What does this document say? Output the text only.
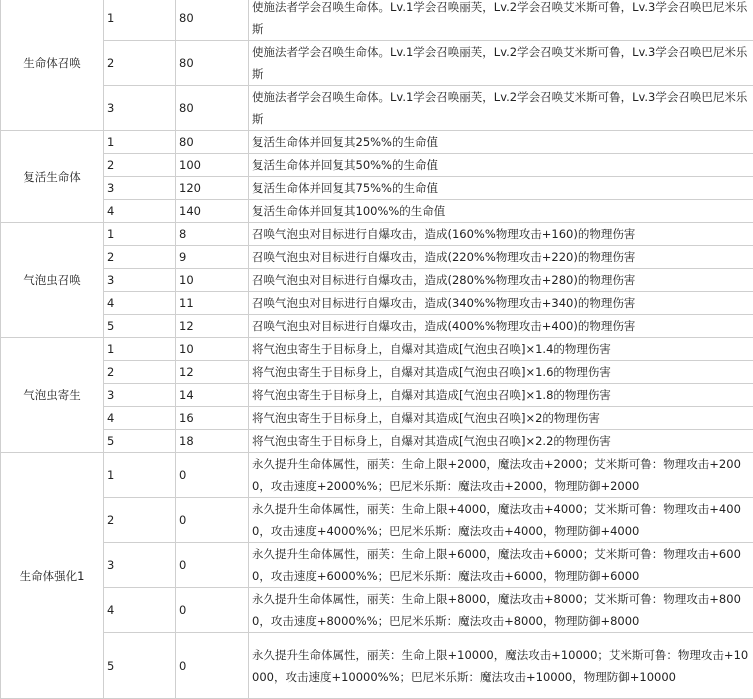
生命体召唤	1	80	使施法者学会召唤生命体。Lv.1学会召唤丽芙，Lv.2学会召唤艾米斯可鲁，Lv.3学会召唤巴尼米乐斯
	2	80	使施法者学会召唤生命体。Lv.1学会召唤丽芙，Lv.2学会召唤艾米斯可鲁，Lv.3学会召唤巴尼米乐斯
	3	80	使施法者学会召唤生命体。Lv.1学会召唤丽芙，Lv.2学会召唤艾米斯可鲁，Lv.3学会召唤巴尼米乐斯
复活生命体	1	80	复活生命体并回复其25%%的生命值
	2	100	复活生命体并回复其50%%的生命值
	3	120	复活生命体并回复其75%%的生命值
	4	140	复活生命体并回复其100%%的生命值
气泡虫召唤	1	8	召唤气泡虫对目标进行自爆攻击，造成(160%%物理攻击+160)的物理伤害
	2	9	召唤气泡虫对目标进行自爆攻击，造成(220%%物理攻击+220)的物理伤害
	3	10	召唤气泡虫对目标进行自爆攻击，造成(280%%物理攻击+280)的物理伤害
	4	11	召唤气泡虫对目标进行自爆攻击，造成(340%%物理攻击+340)的物理伤害
	5	12	召唤气泡虫对目标进行自爆攻击，造成(400%%物理攻击+400)的物理伤害
气泡虫寄生	1	10	将气泡虫寄生于目标身上，自爆对其造成[气泡虫召唤]×1.4的物理伤害
	2	12	将气泡虫寄生于目标身上，自爆对其造成[气泡虫召唤]×1.6的物理伤害
	3	14	将气泡虫寄生于目标身上，自爆对其造成[气泡虫召唤]×1.8的物理伤害
	4	16	将气泡虫寄生于目标身上，自爆对其造成[气泡虫召唤]×2的物理伤害
	5	18	将气泡虫寄生于目标身上，自爆对其造成[气泡虫召唤]×2.2的物理伤害
生命体强化1	1	0	永久提升生命体属性，丽芙：生命上限+2000，魔法攻击+2000；艾米斯可鲁：物理攻击+2000，攻击速度+2000%%；巴尼米乐斯：魔法攻击+2000，物理防御+2000
	2	0	永久提升生命体属性，丽芙：生命上限+4000，魔法攻击+4000；艾米斯可鲁：物理攻击+4000，攻击速度+4000%%；巴尼米乐斯：魔法攻击+4000，物理防御+4000
	3	0	永久提升生命体属性，丽芙：生命上限+6000，魔法攻击+6000；艾米斯可鲁：物理攻击+6000，攻击速度+6000%%；巴尼米乐斯：魔法攻击+6000，物理防御+6000
	4	0	永久提升生命体属性，丽芙：生命上限+8000，魔法攻击+8000；艾米斯可鲁：物理攻击+8000，攻击速度+8000%%；巴尼米乐斯：魔法攻击+8000，物理防御+8000
	5	0	永久提升生命体属性，丽芙：生命上限+10000，魔法攻击+10000；艾米斯可鲁：物理攻击+10000，攻击速度+10000%%；巴尼米乐斯：魔法攻击+10000，物理防御+10000
